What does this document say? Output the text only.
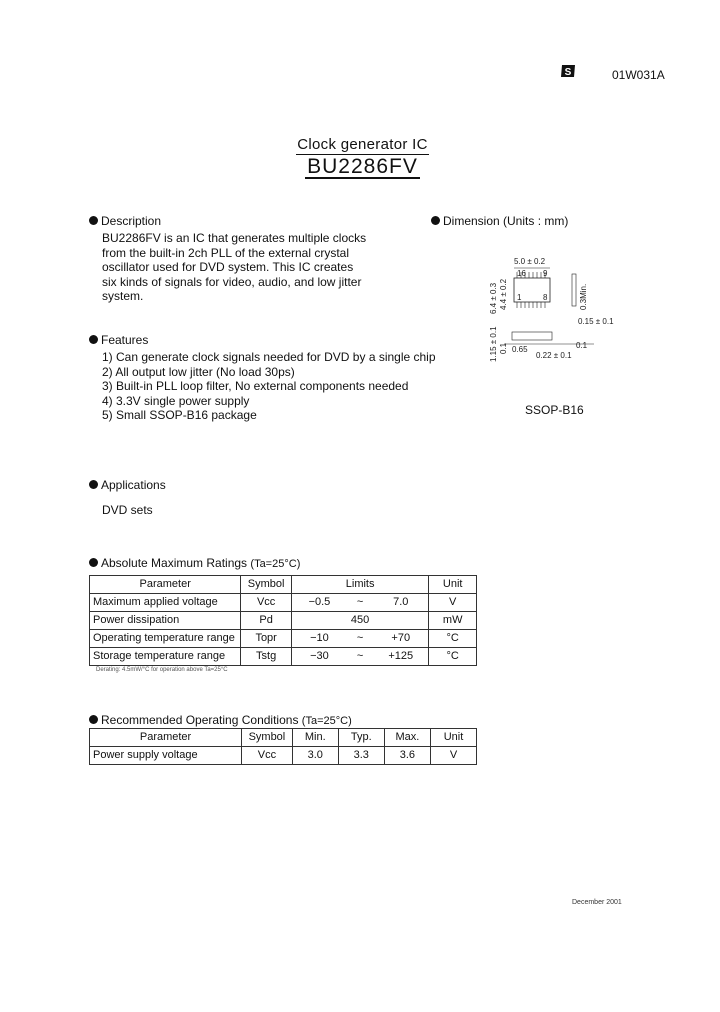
S	01W031A
Clock generator IC
BU2286FV
Description
BU2286FV is an IC that generates multiple clocks
from the built-in 2ch PLL of the external crystal
oscillator used for DVD system. This IC creates
six kinds of signals for video, audio, and low jitter
system.
Dimension (Units : mm)
5.0 ± 0.2
16 9
1	8
6.4 ± 0.3 4.4 ± 0.2	0.3Min.
0.15 ± 0.1
1.15 ± 0.1 0.1 0.65	0.1
0.22 ± 0.1
SSOP-B16
Features
1) Can generate clock signals needed for DVD by a single chip
2) All output low jitter (No load 30ps)
3) Built-in PLL loop filter, No external components needed
4) 3.3V single power supply
5) Small SSOP-B16 package
Applications
DVD sets
Absolute Maximum Ratings (Ta=25°C)
Parameter	Symbol	Limits			Unit
Maximum applied voltage	Vcc	−0.5	~	7.0	V
Power dissipation	Pd		450		mW
Operating temperature range	Topr	−10	~	+70	°C
Storage temperature range	Tstg	−30	~	+125	°C
Derating: 4.5mW/°C for operation above Ta=25°C
Recommended Operating Conditions (Ta=25°C)
Parameter	Symbol	Min.	Typ.	Max.	Unit
Power supply voltage	Vcc	3.0	3.3	3.6	V
December 2001
